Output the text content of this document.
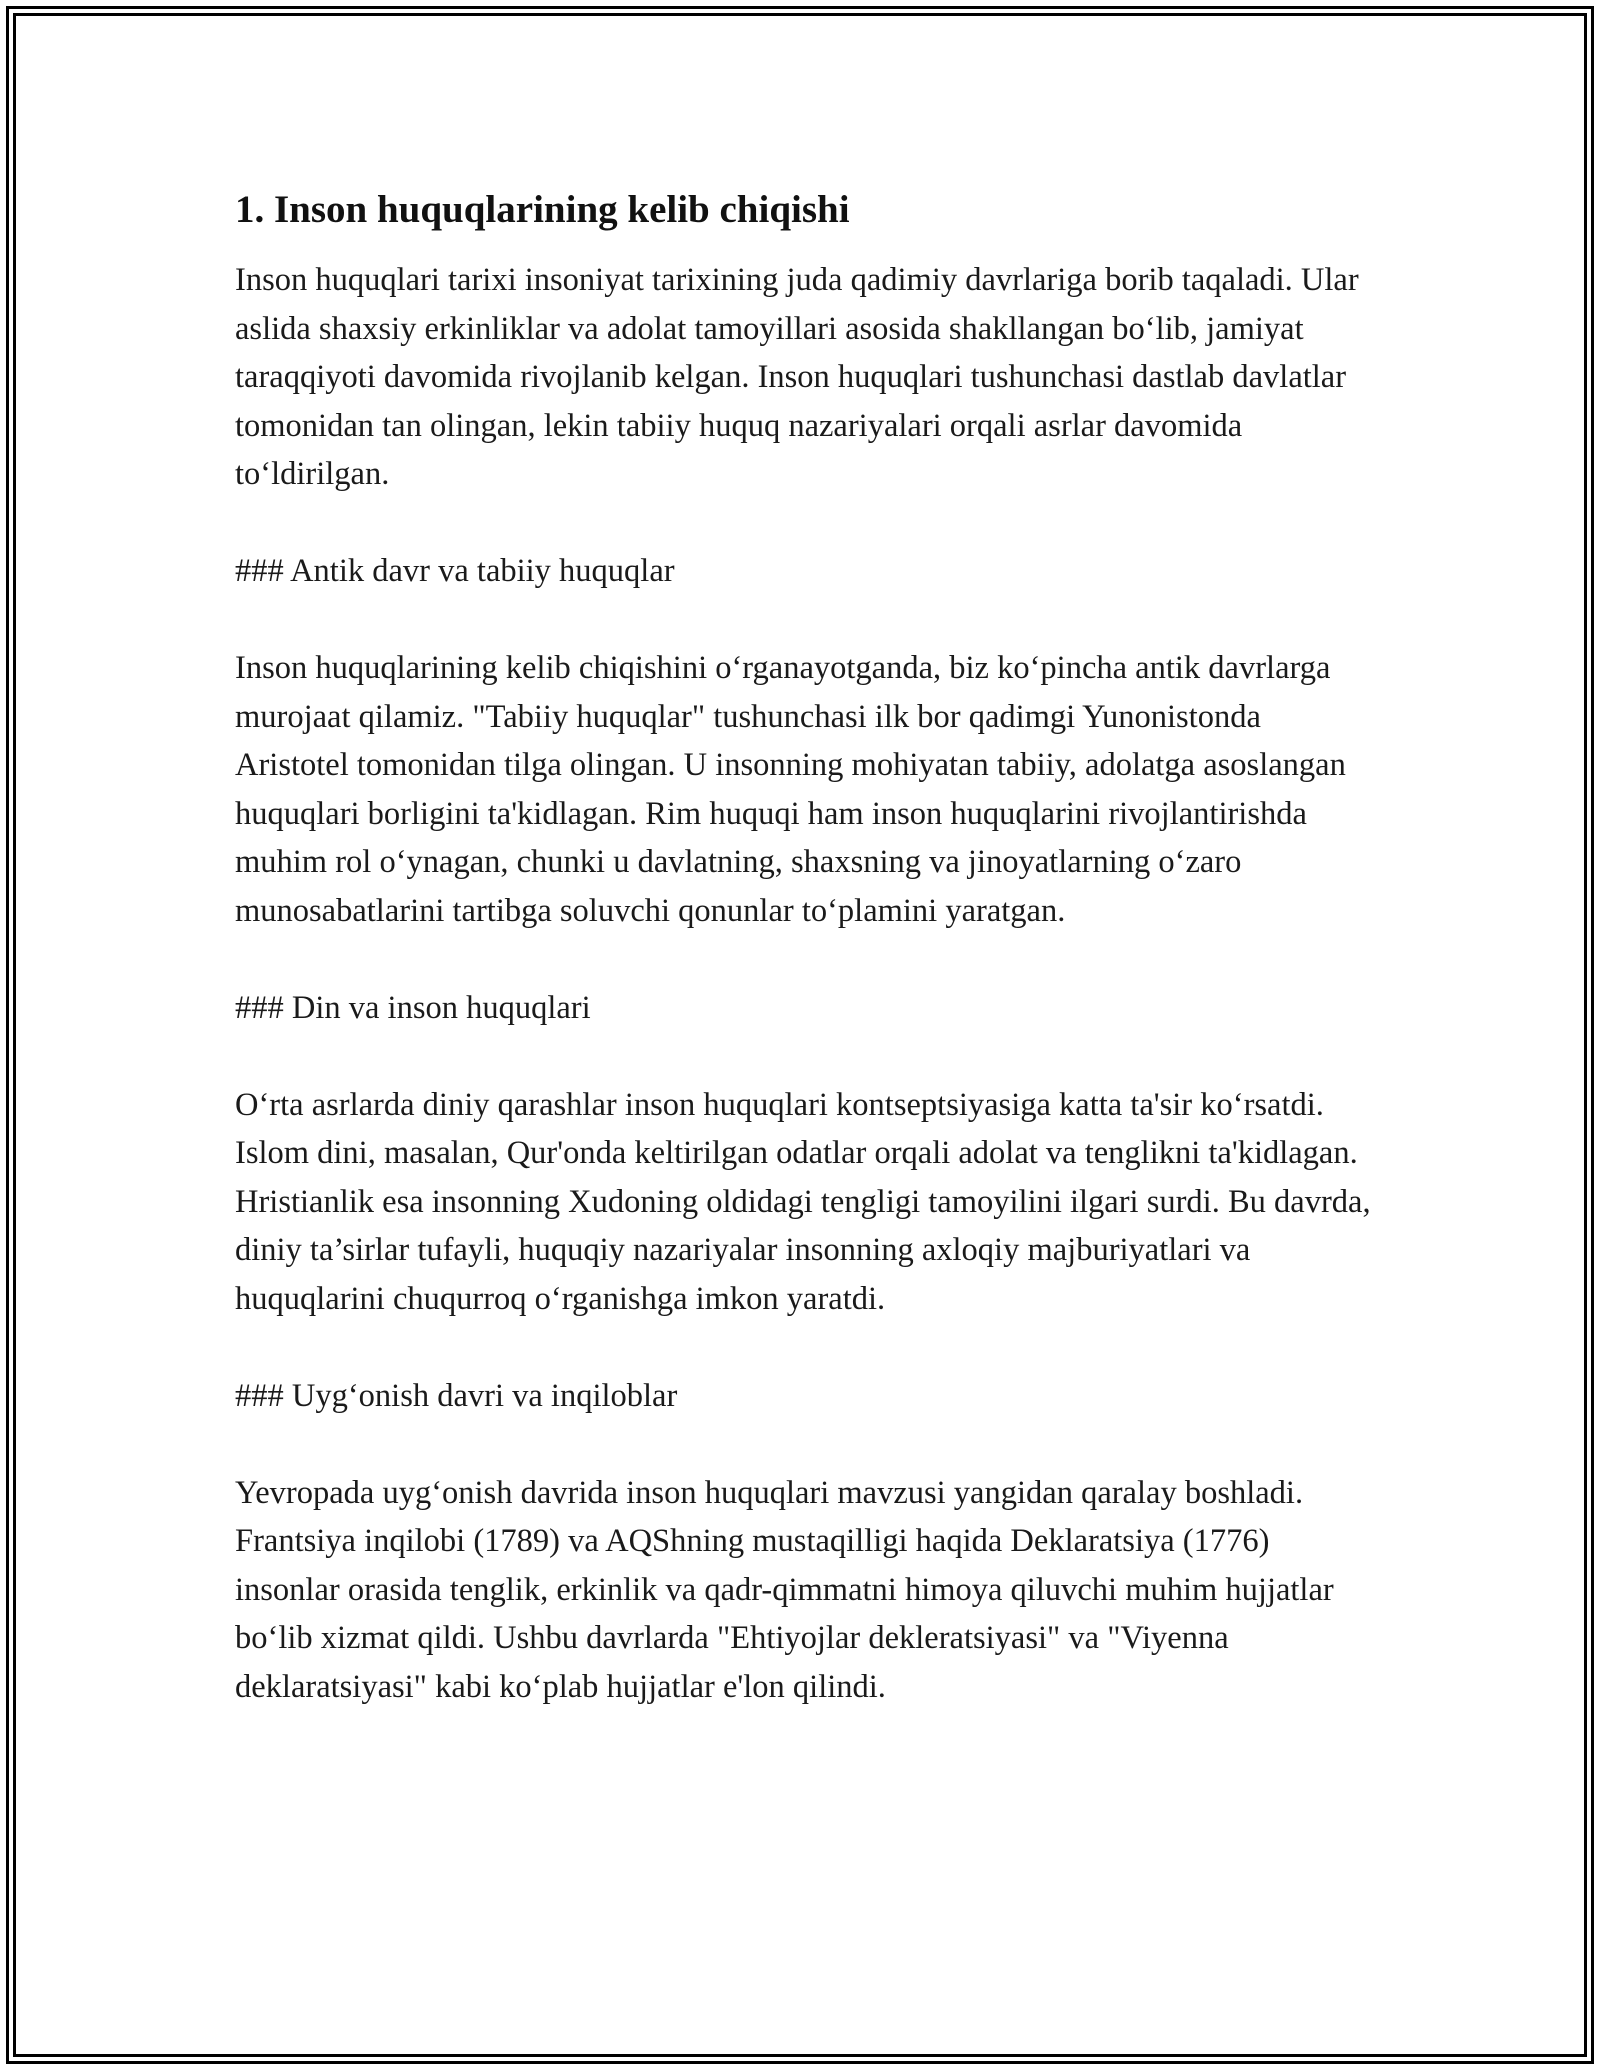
1. Inson huquqlarining kelib chiqishi

Inson huquqlari tarixi insoniyat tarixining juda qadimiy davrlariga borib taqaladi. Ular aslida shaxsiy erkinliklar va adolat tamoyillari asosida shakllangan bo‘lib, jamiyat taraqqiyoti davomida rivojlanib kelgan. Inson huquqlari tushunchasi dastlab davlatlar tomonidan tan olingan, lekin tabiiy huquq nazariyalari orqali asrlar davomida to‘ldirilgan.

### Antik davr va tabiiy huquqlar

Inson huquqlarining kelib chiqishini o‘rganayotganda, biz ko‘pincha antik davrlarga murojaat qilamiz. "Tabiiy huquqlar" tushunchasi ilk bor qadimgi Yunonistonda Aristotel tomonidan tilga olingan. U insonning mohiyatan tabiiy, adolatga asoslangan huquqlari borligini ta'kidlagan. Rim huquqi ham inson huquqlarini rivojlantirishda muhim rol o‘ynagan, chunki u davlatning, shaxsning va jinoyatlarning o‘zaro munosabatlarini tartibga soluvchi qonunlar to‘plamini yaratgan.

### Din va inson huquqlari

O‘rta asrlarda diniy qarashlar inson huquqlari kontseptsiyasiga katta ta'sir ko‘rsatdi. Islom dini, masalan, Qur'onda keltirilgan odatlar orqali adolat va tenglikni ta'kidlagan. Hristianlik esa insonning Xudoning oldidagi tengligi tamoyilini ilgari surdi. Bu davrda, diniy ta’sirlar tufayli, huquqiy nazariyalar insonning axloqiy majburiyatlari va huquqlarini chuqurroq o‘rganishga imkon yaratdi.

### Uyg‘onish davri va inqiloblar

Yevropada uyg‘onish davrida inson huquqlari mavzusi yangidan qaralay boshladi. Frantsiya inqilobi (1789) va AQShning mustaqilligi haqida Deklaratsiya (1776) insonlar orasida tenglik, erkinlik va qadr-qimmatni himoya qiluvchi muhim hujjatlar bo‘lib xizmat qildi. Ushbu davrlarda "Ehtiyojlar dekleratsiyasi" va "Viyenna deklaratsiyasi" kabi ko‘plab hujjatlar e'lon qilindi.
